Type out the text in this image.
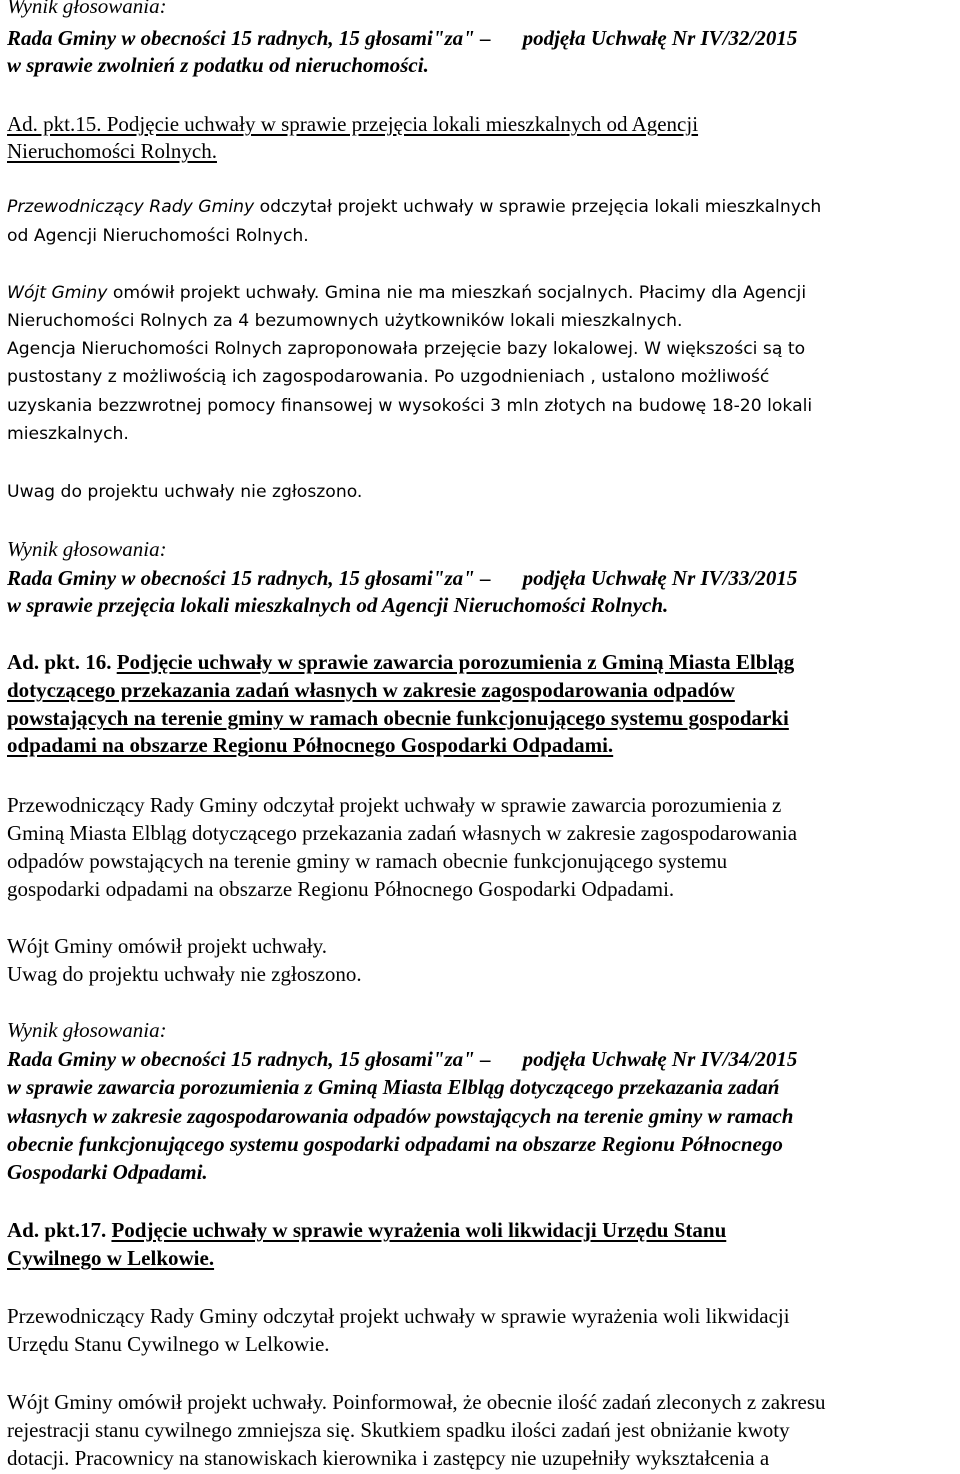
Wynik głosowania:
Rada Gminy w obecności 15 radnych, 15 głosami"za" – podjęła Uchwałę Nr IV/32/2015
w sprawie zwolnień z podatku od nieruchomości.
Ad. pkt.15. Podjęcie uchwały w sprawie przejęcia lokali mieszkalnych od Agencji
Nieruchomości Rolnych.
Przewodniczący Rady Gminy odczytał projekt uchwały w sprawie przejęcia lokali mieszkalnych
od Agencji Nieruchomości Rolnych.
Wójt Gminy omówił projekt uchwały. Gmina nie ma mieszkań socjalnych. Płacimy dla Agencji
Nieruchomości Rolnych za 4 bezumownych użytkowników lokali mieszkalnych.
Agencja Nieruchomości Rolnych zaproponowała przejęcie bazy lokalowej. W większości są to
pustostany z możliwością ich zagospodarowania. Po uzgodnieniach , ustalono możliwość
uzyskania bezzwrotnej pomocy finansowej w wysokości 3 mln złotych na budowę 18-20 lokali
mieszkalnych.
Uwag do projektu uchwały nie zgłoszono.
Wynik głosowania:
Rada Gminy w obecności 15 radnych, 15 głosami"za" – podjęła Uchwałę Nr IV/33/2015
w sprawie przejęcia lokali mieszkalnych od Agencji Nieruchomości Rolnych.
Ad. pkt. 16. Podjęcie uchwały w sprawie zawarcia porozumienia z Gminą Miasta Elbląg
dotyczącego przekazania zadań własnych w zakresie zagospodarowania odpadów
powstających na terenie gminy w ramach obecnie funkcjonującego systemu gospodarki
odpadami na obszarze Regionu Północnego Gospodarki Odpadami.
Przewodniczący Rady Gminy odczytał projekt uchwały w sprawie zawarcia porozumienia z
Gminą Miasta Elbląg dotyczącego przekazania zadań własnych w zakresie zagospodarowania
odpadów powstających na terenie gminy w ramach obecnie funkcjonującego systemu
gospodarki odpadami na obszarze Regionu Północnego Gospodarki Odpadami.
Wójt Gminy omówił projekt uchwały.
Uwag do projektu uchwały nie zgłoszono.
Wynik głosowania:
Rada Gminy w obecności 15 radnych, 15 głosami"za" – podjęła Uchwałę Nr IV/34/2015
w sprawie zawarcia porozumienia z Gminą Miasta Elbląg dotyczącego przekazania zadań
własnych w zakresie zagospodarowania odpadów powstających na terenie gminy w ramach
obecnie funkcjonującego systemu gospodarki odpadami na obszarze Regionu Północnego
Gospodarki Odpadami.
Ad. pkt.17. Podjęcie uchwały w sprawie wyrażenia woli likwidacji Urzędu Stanu
Cywilnego w Lelkowie.
Przewodniczący Rady Gminy odczytał projekt uchwały w sprawie wyrażenia woli likwidacji
Urzędu Stanu Cywilnego w Lelkowie.
Wójt Gminy omówił projekt uchwały. Poinformował, że obecnie ilość zadań zleconych z zakresu
rejestracji stanu cywilnego zmniejsza się. Skutkiem spadku ilości zadań jest obniżanie kwoty
dotacji. Pracownicy na stanowiskach kierownika i zastępcy nie uzupełniły wykształcenia a
